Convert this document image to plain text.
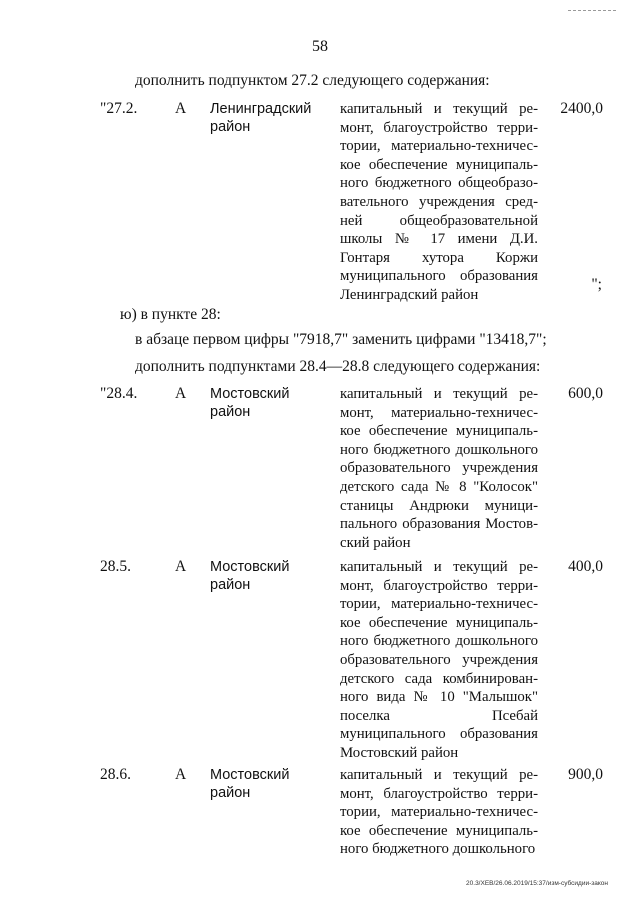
58
дополнить подпунктом 27.2 следующего содержания:
"27.2. А Ленинградский район
капитальный и текущий ремонт, благоустройство территории, материально-техническое обеспечение муниципального бюджетного общеобразовательного учреждения средней общеобразовательной школы № 17 имени Д.И. Гонтаря хутора Коржи муниципального образования Ленинградский район
2400,0
";
ю) в пункте 28:
в абзаце первом цифры "7918,7" заменить цифрами "13418,7";
дополнить подпунктами 28.4—28.8 следующего содержания:
"28.4. А Мостовский район
капитальный и текущий ремонт, материально-техническое обеспечение муниципального бюджетного дошкольного образовательного учреждения детского сада № 8 "Колосок" станицы Андрюки муниципального образования Мостовский район
600,0
28.5.	А Мостовский район
капитальный и текущий ремонт, благоустройство территории, материально-техническое обеспечение муниципального бюджетного дошкольного образовательного учреждения детского сада комбинированного вида № 10 "Малышок" поселка Псебай муниципального образования Мостовский район
400,0
28.6.	А Мостовский район
капитальный и текущий ремонт, благоустройство территории, материально-техническое обеспечение муниципального бюджетного дошкольного
900,0
20.3/XEB/26.06.2019/15:37/изм-субсидии-закон
